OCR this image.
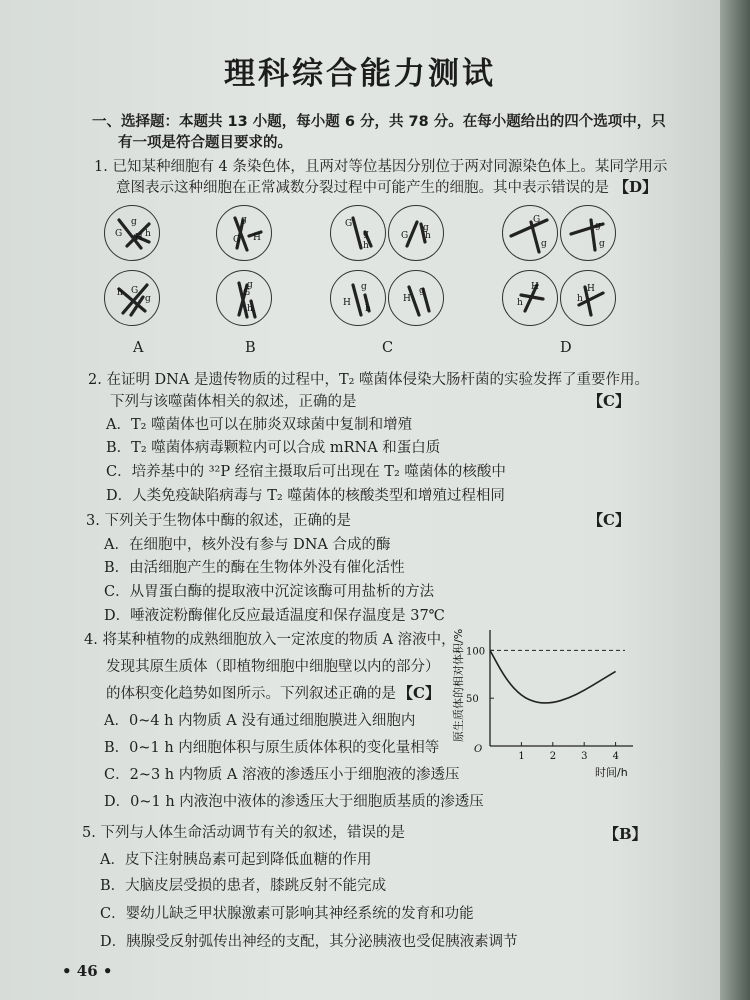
理科综合能力测试
一、选择题：本题共 13 小题，每小题 6 分，共 78 分。在每小题给出的四个选项中，只
有一项是符合题目要求的。
1. 已知某种细胞有 4 条染色体，且两对等位基因分别位于两对同源染色体上。某同学用示
意图表示这种细胞在正常减数分裂过程中可能产生的细胞。其中表示错误的是 【D】
G
g
H h
h G
g
g
G H
g
G
h
G
g
h
G
g
h
H
g
h
H
g
G
g
g
g
H
h
H
h
A	B	C	D
2. 在证明 DNA 是遗传物质的过程中，T₂ 噬菌体侵染大肠杆菌的实验发挥了重要作用。
下列与该噬菌体相关的叙述，正确的是	【C】
A．T₂ 噬菌体也可以在肺炎双球菌中复制和增殖
B．T₂ 噬菌体病毒颗粒内可以合成 mRNA 和蛋白质
C．培养基中的 ³²P 经宿主摄取后可出现在 T₂ 噬菌体的核酸中
D．人类免疫缺陷病毒与 T₂ 噬菌体的核酸类型和增殖过程相同
3. 下列关于生物体中酶的叙述，正确的是	【C】
A．在细胞中，核外没有参与 DNA 合成的酶
B．由活细胞产生的酶在生物体外没有催化活性
C．从胃蛋白酶的提取液中沉淀该酶可用盐析的方法
D．唾液淀粉酶催化反应最适温度和保存温度是 37℃
4. 将某种植物的成熟细胞放入一定浓度的物质 A 溶液中，
发现其原生质体（即植物细胞中细胞壁以内的部分）
的体积变化趋势如图所示。下列叙述正确的是 【C】
A．0~4 h 内物质 A 没有通过细胞膜进入细胞内
B．0~1 h 内细胞体积与原生质体体积的变化量相等
C．2~3 h 内物质 A 溶液的渗透压小于细胞液的渗透压
D．0~1 h 内液泡中液体的渗透压大于细胞质基质的渗透压
1	2	3	4
50
100
O
时间/h
原生质体的相对体积/%
5. 下列与人体生命活动调节有关的叙述，错误的是	【B】
A．皮下注射胰岛素可起到降低血糖的作用
B．大脑皮层受损的患者，膝跳反射不能完成
C．婴幼儿缺乏甲状腺激素可影响其神经系统的发育和功能
D．胰腺受反射弧传出神经的支配，其分泌胰液也受促胰液素调节
• 46 •
